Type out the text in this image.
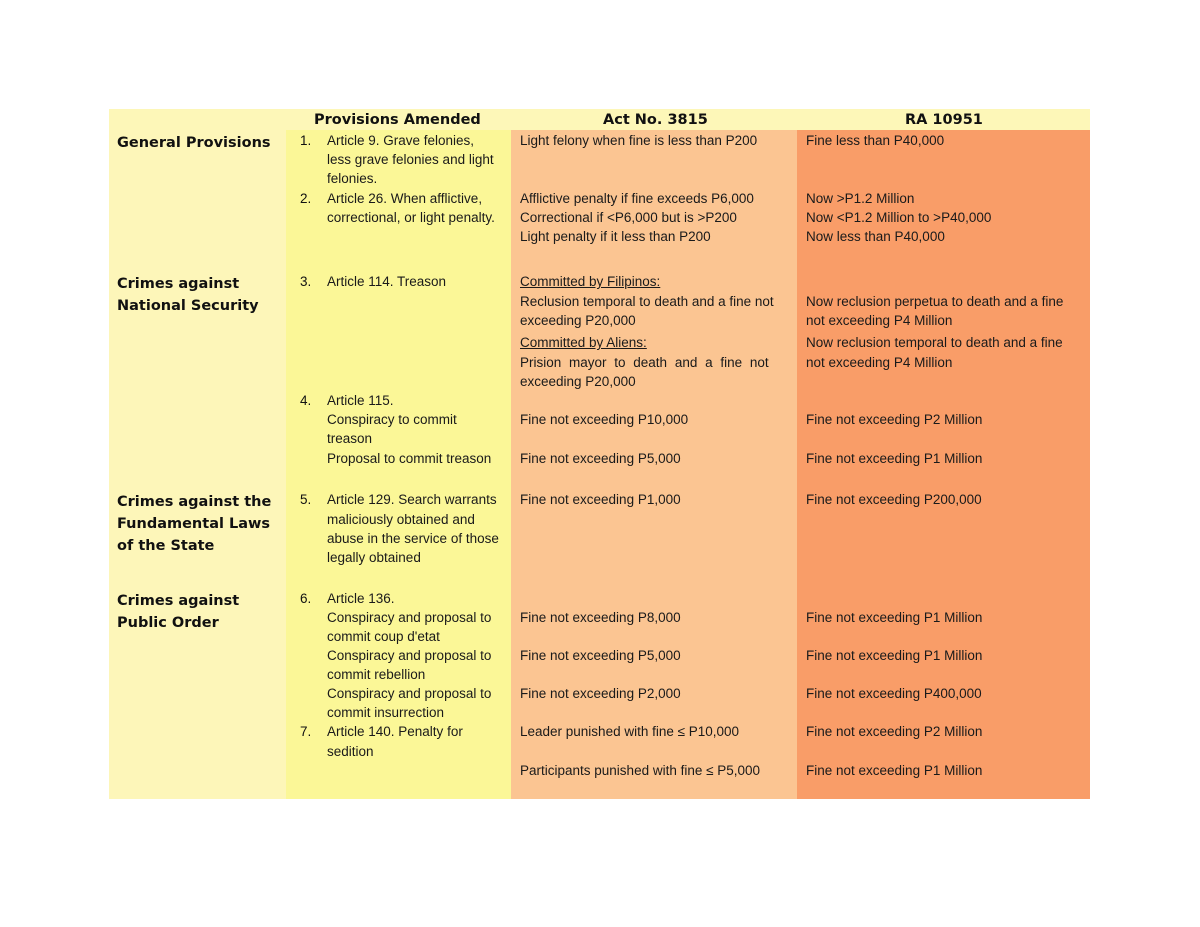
General Provisions
Crimes against
National Security
Crimes against the
Fundamental Laws
of the State
Crimes against
Public Order
Provisions Amended
1. Article 9. Grave felonies,
less grave felonies and light
felonies.
2. Article 26. When afflictive,
correctional, or light penalty.
3. Article 114. Treason
4. Article 115.
Conspiracy to commit
treason
Proposal to commit treason
5. Article 129. Search warrants
maliciously obtained and
abuse in the service of those
legally obtained
6. Article 136.
Conspiracy and proposal to
commit coup d'etat
Conspiracy and proposal to
commit rebellion
Conspiracy and proposal to
commit insurrection
7. Article 140. Penalty for
sedition
Act No. 3815
Light felony when fine is less than P200
Afflictive penalty if fine exceeds P6,000
Correctional if <P6,000 but is >P200
Light penalty if it less than P200
Committed by Filipinos:
Reclusion temporal to death and a fine not
exceeding P20,000
Committed by Aliens:
Prision mayor to death and a fine not
exceeding P20,000
Fine not exceeding P10,000
Fine not exceeding P5,000
Fine not exceeding P1,000
Fine not exceeding P8,000
Fine not exceeding P5,000
Fine not exceeding P2,000
Leader punished with fine ≤ P10,000
Participants punished with fine ≤ P5,000
RA 10951
Fine less than P40,000
Now >P1.2 Million
Now <P1.2 Million to >P40,000
Now less than P40,000
Now reclusion perpetua to death and a fine
not exceeding P4 Million
Now reclusion temporal to death and a fine
not exceeding P4 Million
Fine not exceeding P2 Million
Fine not exceeding P1 Million
Fine not exceeding P200,000
Fine not exceeding P1 Million
Fine not exceeding P1 Million
Fine not exceeding P400,000
Fine not exceeding P2 Million
Fine not exceeding P1 Million
